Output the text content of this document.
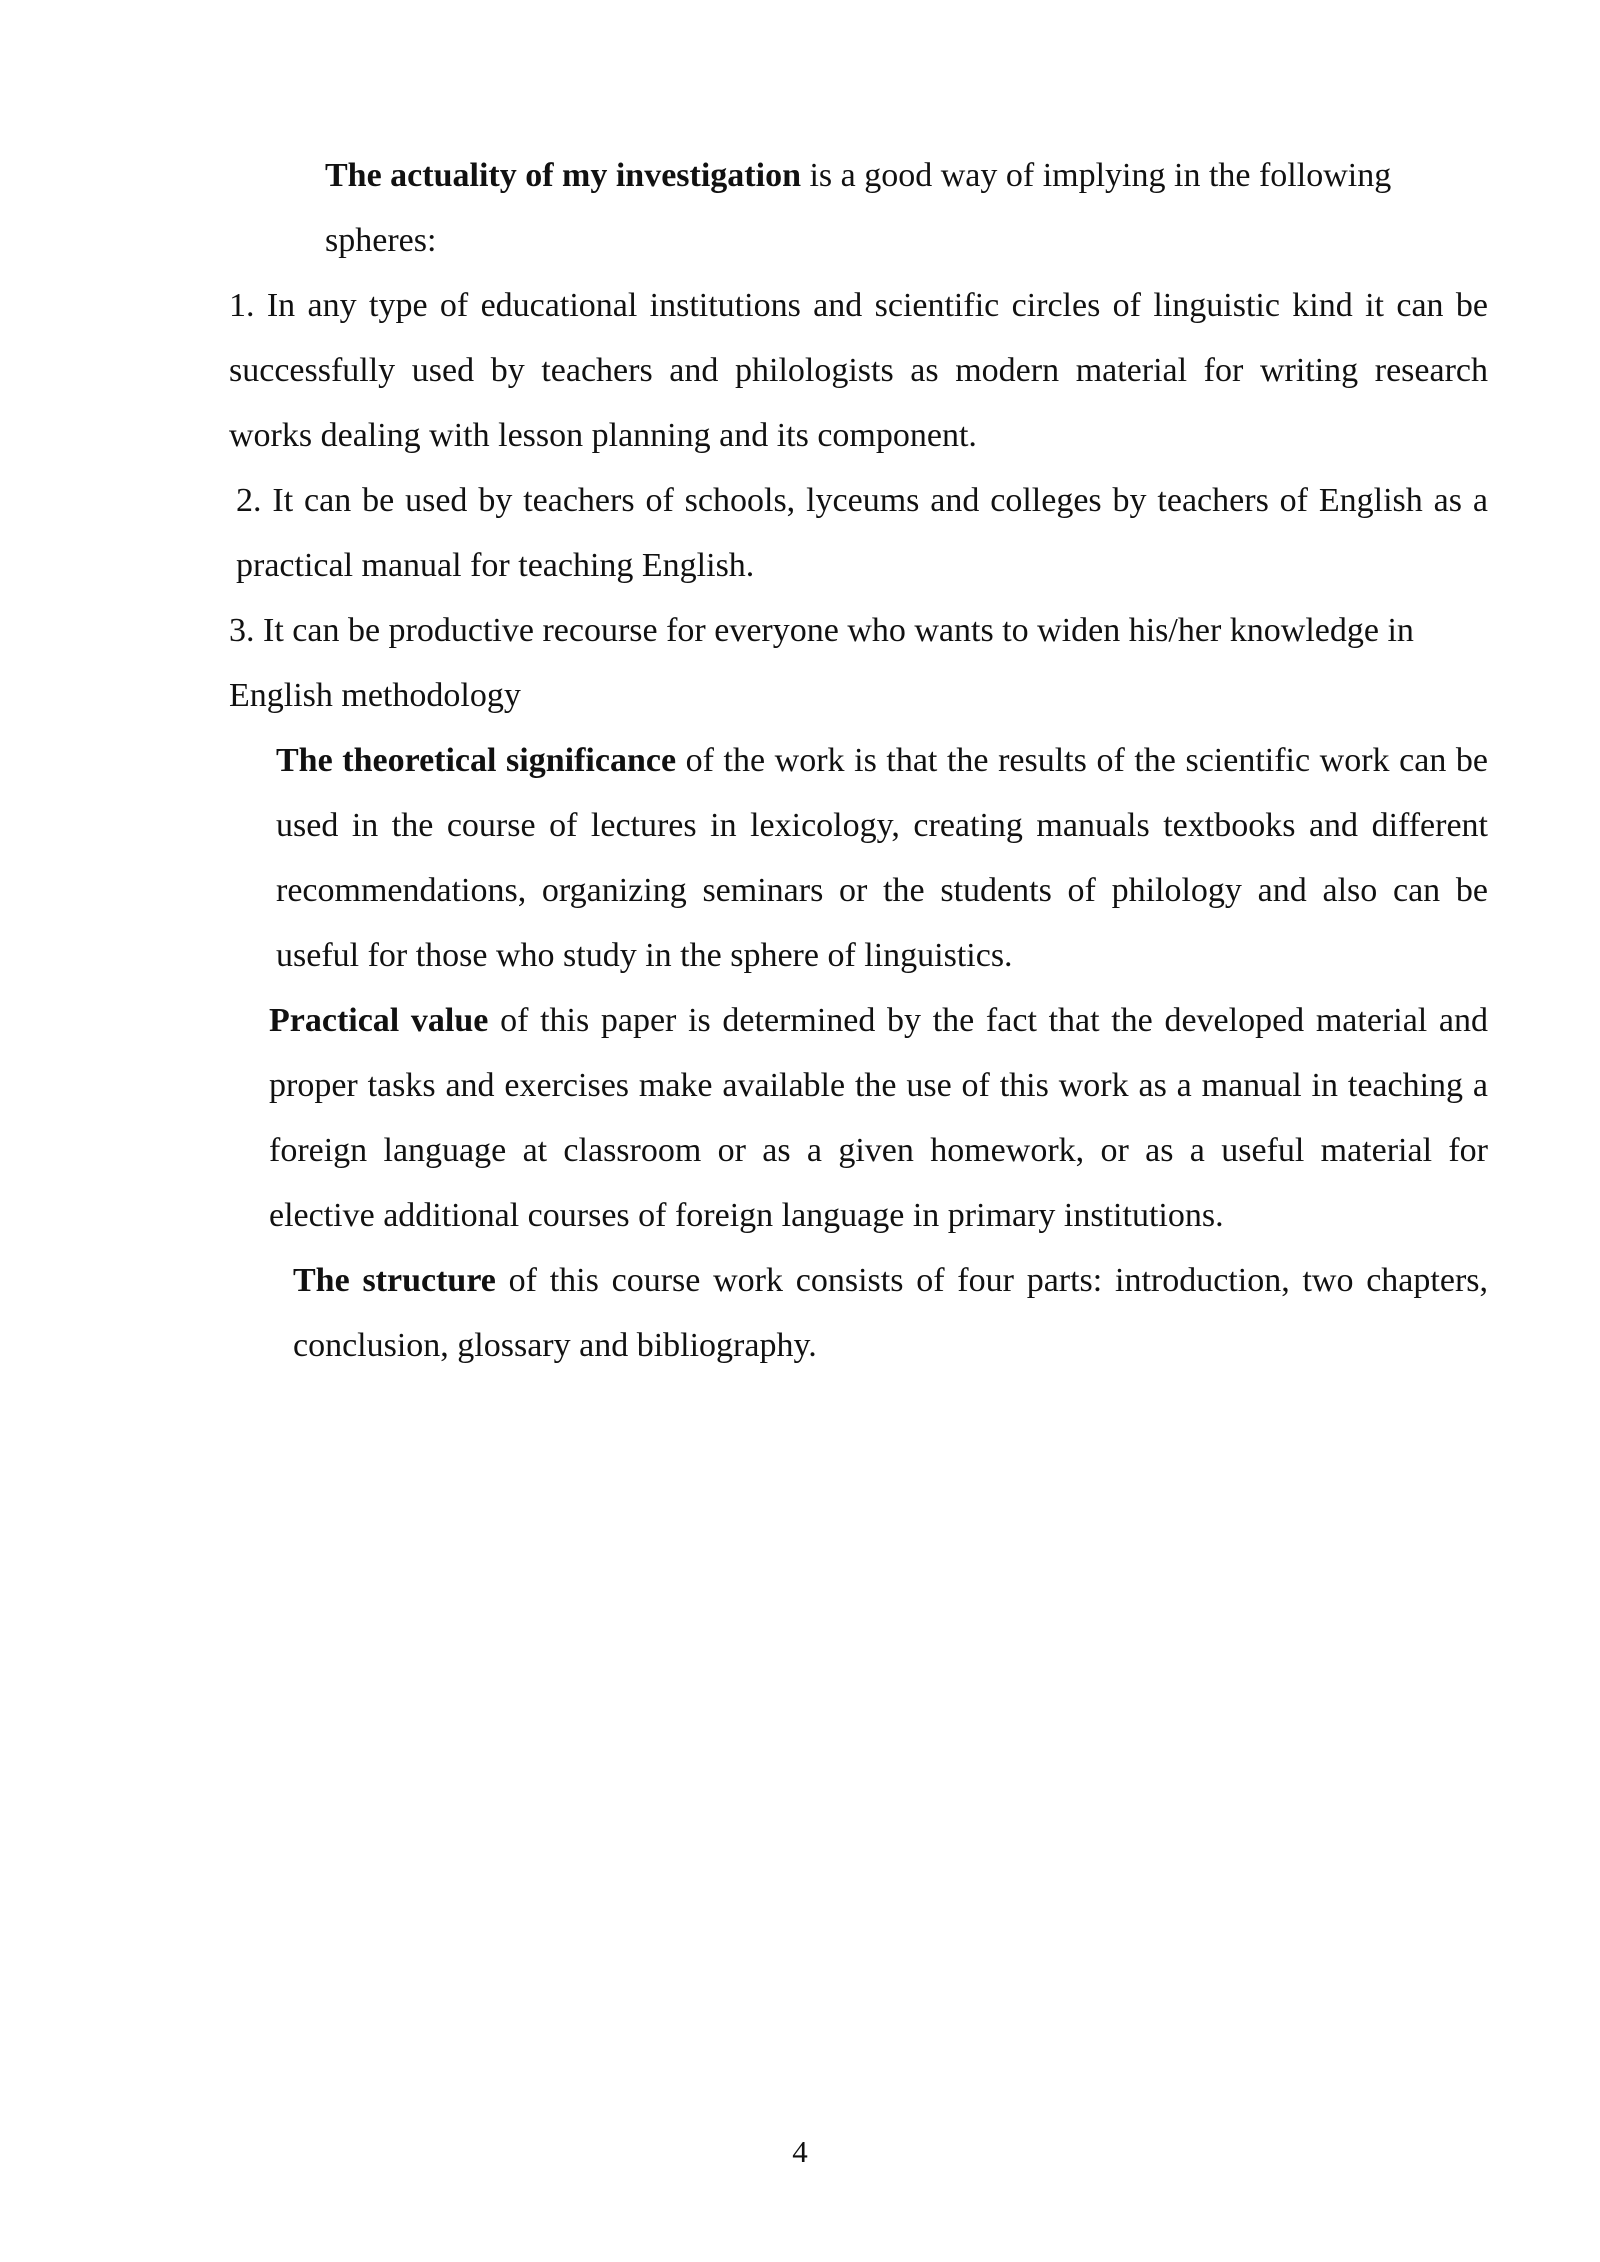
The actuality of my investigation is a good way of implying in the following spheres:

1. In any type of educational institutions and scientific circles of linguistic kind it can be successfully used by teachers and philologists as modern material for writing research works dealing with lesson planning and its component.

2. It can be used by teachers of schools, lyceums and colleges by teachers of English as a practical manual for teaching English.

3. It can be productive recourse for everyone who wants to widen his/her knowledge in English methodology

The theoretical significance of the work is that the results of the scientific work can be used in the course of lectures in lexicology, creating manuals textbooks and different recommendations, organizing seminars or the students of philology and also can be useful for those who study in the sphere of linguistics.

Practical value of this paper is determined by the fact that the developed material and proper tasks and exercises make available the use of this work as a manual in teaching a foreign language at classroom or as a given homework, or as a useful material for elective additional courses of foreign language in primary institutions.

The structure of this course work consists of four parts: introduction, two chapters, conclusion, glossary and bibliography.

4
